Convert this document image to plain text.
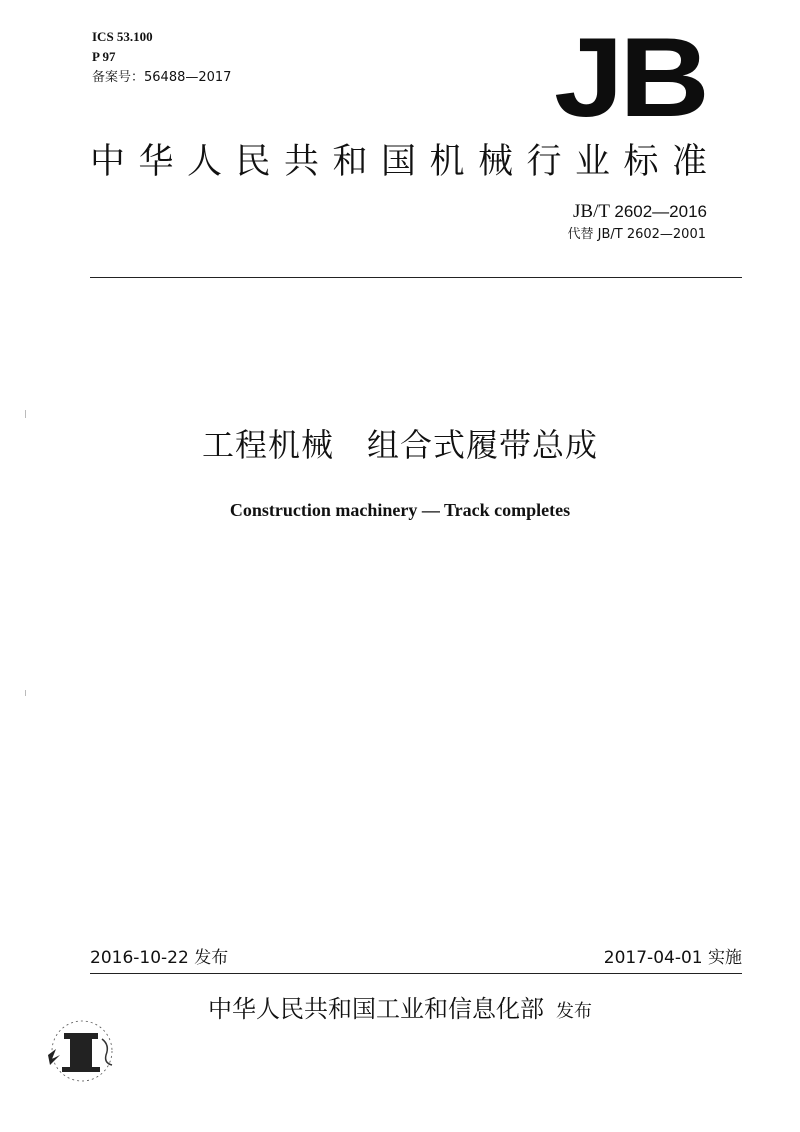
ICS 53.100
P 97
备案号：56488—2017	JB
中华人民共和国机械行业标准
JB/T 2602—2016
代替 JB/T 2602—2001
工程机械　组合式履带总成
Construction machinery — Track completes
2016-10-22 发布	2017-04-01 实施
中华人民共和国工业和信息化部 发布
